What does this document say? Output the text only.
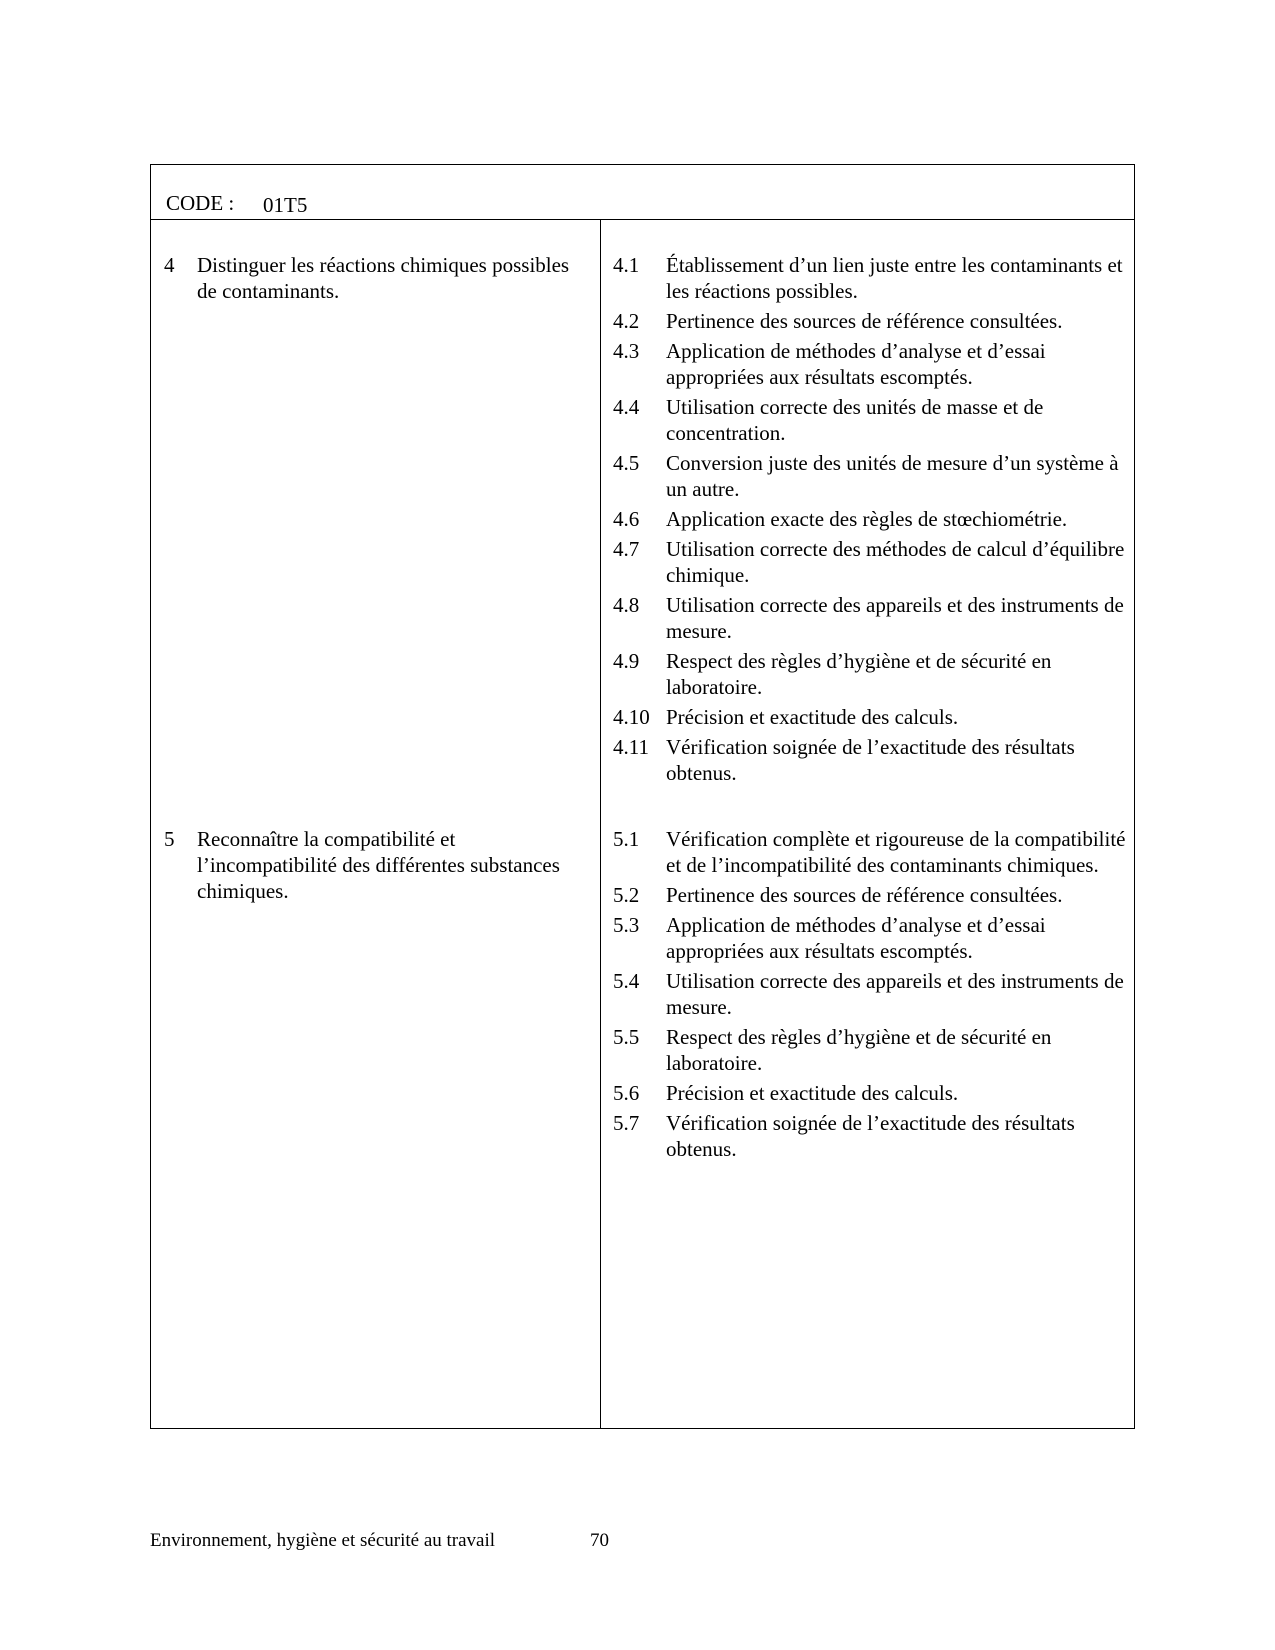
CODE : 01T5
4 Distinguer les réactions chimiques possibles de contaminants.
4.1 Établissement d’un lien juste entre les contaminants et les réactions possibles.
4.2 Pertinence des sources de référence consultées.
4.3 Application de méthodes d’analyse et d’essai appropriées aux résultats escomptés.
4.4 Utilisation correcte des unités de masse et de concentration.
4.5 Conversion juste des unités de mesure d’un système à un autre.
4.6 Application exacte des règles de stœchiométrie.
4.7 Utilisation correcte des méthodes de calcul d’équilibre chimique.
4.8 Utilisation correcte des appareils et des instruments de mesure.
4.9 Respect des règles d’hygiène et de sécurité en laboratoire.
4.10 Précision et exactitude des calculs.
4.11 Vérification soignée de l’exactitude des résultats obtenus.
5 Reconnaître la compatibilité et l’incompatibilité des différentes substances chimiques.
5.1 Vérification complète et rigoureuse de la compatibilité et de l’incompatibilité des contaminants chimiques.
5.2 Pertinence des sources de référence consultées.
5.3 Application de méthodes d’analyse et d’essai appropriées aux résultats escomptés.
5.4 Utilisation correcte des appareils et des instruments de mesure.
5.5 Respect des règles d’hygiène et de sécurité en laboratoire.
5.6 Précision et exactitude des calculs.
5.7 Vérification soignée de l’exactitude des résultats obtenus.
Environnement, hygiène et sécurité au travail	70
